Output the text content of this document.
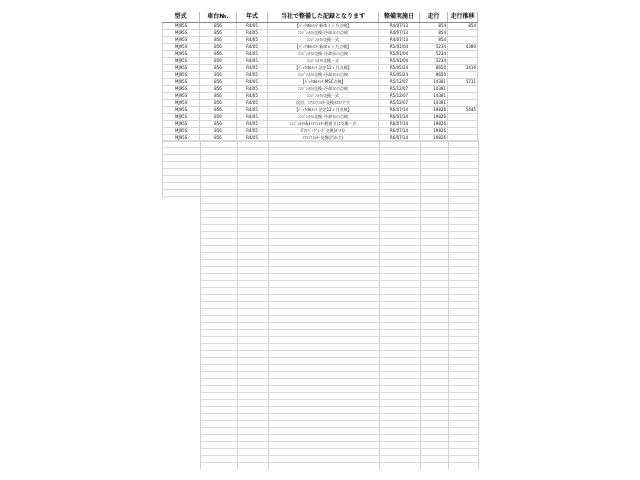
型式	車台№.	年式	当社で整備した記録となります	整備実施日	走行	走行推移
MJ95S	856	R4/05	【ﾊﾟｯｸdeﾒﾝﾃ 新車１ヶ月点検】	R4/07/13	854	854
MJ95S	856	R4/05	ｴﾝｼﾞﾝｵｲﾙ交換･冷却水の点検	R4/07/13	854
MJ95S	856	R4/05	ｴﾝｼﾞﾝｵｲﾙ交換一式	R4/07/13	854
MJ95S	856	R4/05	【ﾊﾟｯｸdeﾒﾝﾃ 新車６ヶ月点検】	R5/01/04	5234	4380
MJ95S	856	R4/05	ｴﾝｼﾞﾝｵｲﾙ交換･冷却水の点検	R5/01/04	5234
MJ95S	856	R4/05	ｴﾝｼﾞﾝｵｲﾙ交換一式	R5/01/04	5234
MJ95S	856	R4/05	【ﾊﾟｯｸdeﾒﾝﾃ 法定12ヶ月点検】	R5/05/24	8650	3416
MJ95S	856	R4/05	ｴﾝｼﾞﾝｵｲﾙ交換･冷却水の点検	R5/05/24	8650
MJ95S	856	R4/05	【ﾊﾟｯｸdeﾒﾝﾃ MSC点検】	R5/12/07	14381	5731
MJ95S	856	R4/05	ｴﾝｼﾞﾝｵｲﾙ交換･冷却水の点検	R5/12/07	14381
MJ95S	856	R4/05	ｴﾝｼﾞﾝｵｲﾙ交換一式	R5/12/07	14381
MJ95S	856	R4/05	次回、ｴｱｺﾝﾌｨﾙﾀｰ交換ｵｽｽﾒです	R5/12/07	14381
MJ95S	856	R4/05	【ﾊﾟｯｸdeﾒﾝﾃ 法定12ヶ月点検】	R6/07/14	19826	5445
MJ95S	856	R4/05	ｴﾝｼﾞﾝｵｲﾙ交換･冷却水の点検	R6/07/14	19826
MJ95S	856	R4/05	ｴﾝｼﾞﾝｵｲﾙ&ｵｲﾙﾌｨﾙﾀｰ脱着又は交換一式	R6/07/14	19826
MJ95S	856	R4/05	Fﾜｲﾊﾟｰﾌﾞﾚｰﾄﾞ交換(ｶﾞﾗｽ)	R6/07/14	19826
MJ95S	856	R4/05	ｴｱｺﾝﾌｨﾙﾀｰ交換(汚れ大)	R6/07/14	19826
